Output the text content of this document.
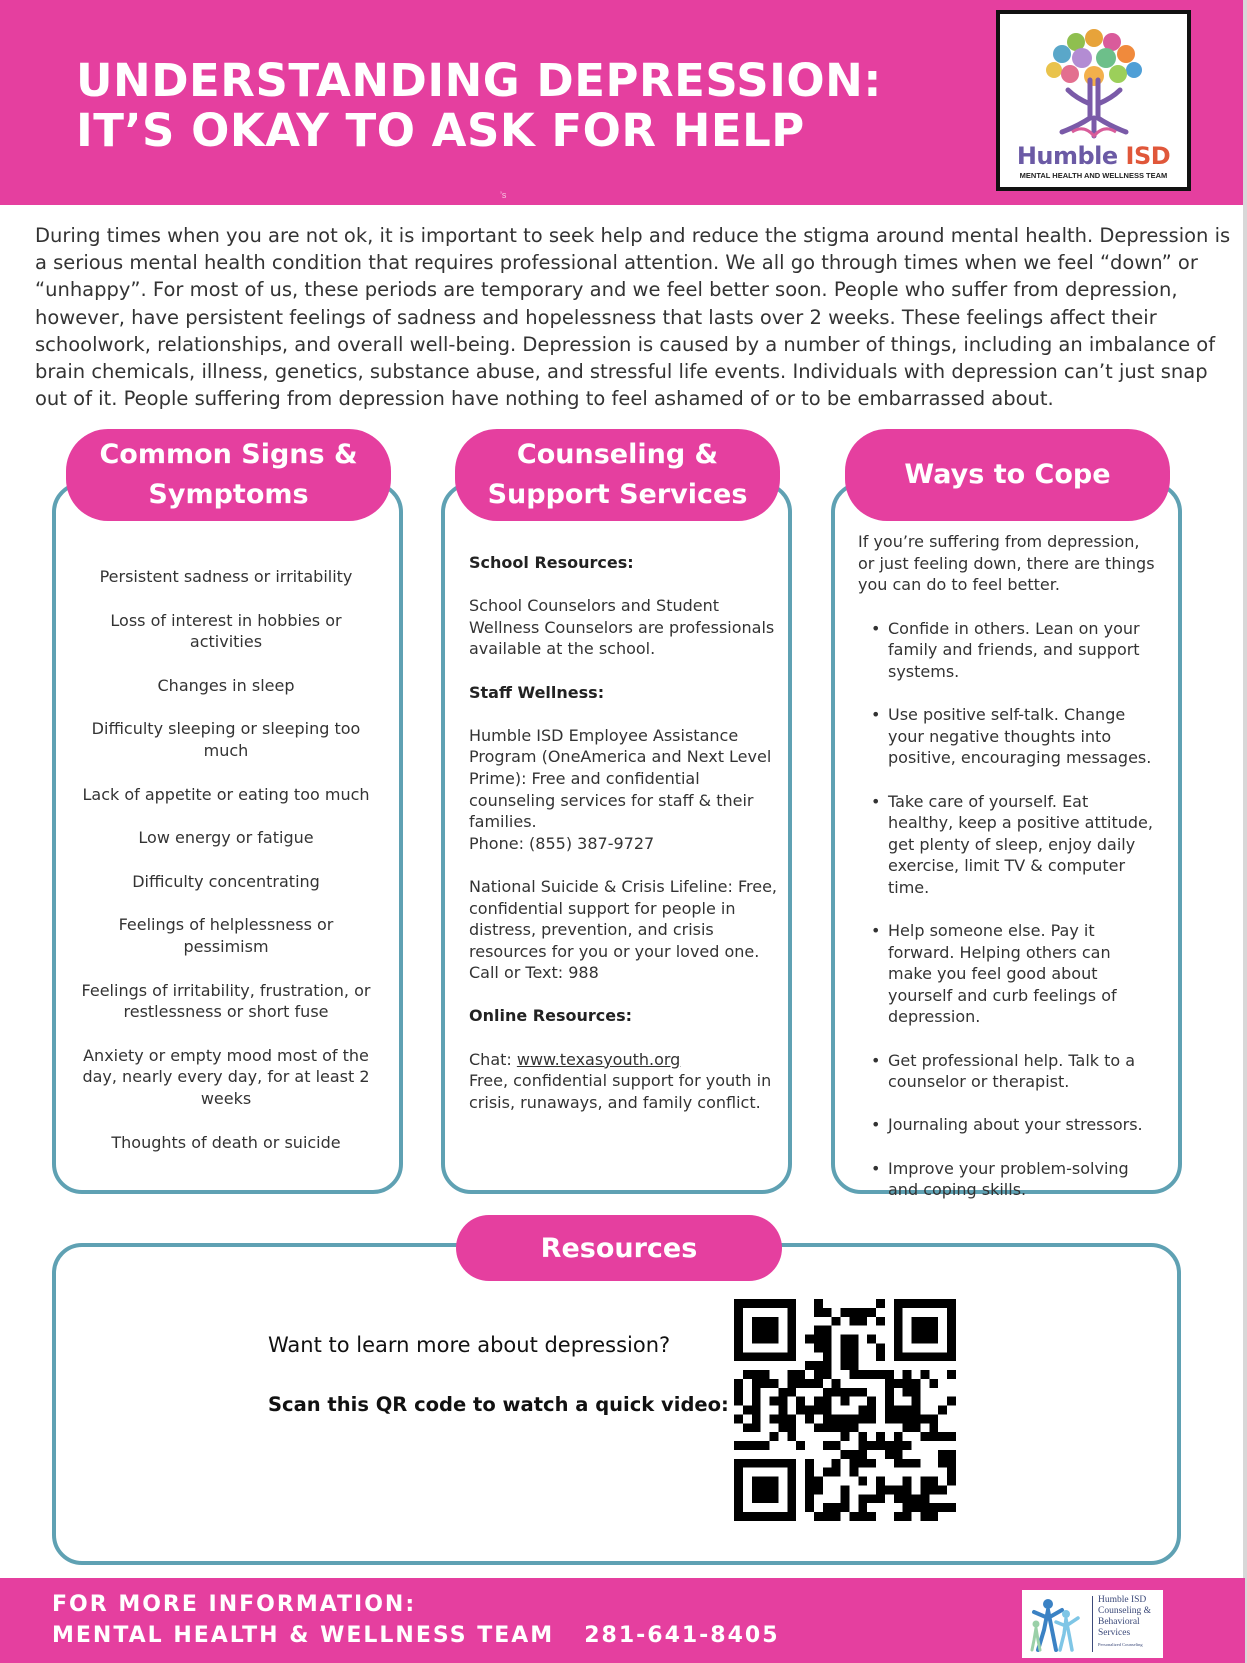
UNDERSTANDING DEPRESSION: IT’S OKAY TO ASK FOR HELP
’s
Humble ISD
MENTAL HEALTH AND WELLNESS TEAM

During times when you are not ok, it is important to seek help and reduce the stigma around mental health. Depression is a serious mental health condition that requires professional attention. We all go through times when we feel “down” or “unhappy”. For most of us, these periods are temporary and we feel better soon. People who suffer from depression, however, have persistent feelings of sadness and hopelessness that lasts over 2 weeks. These feelings affect their schoolwork, relationships, and overall well-being. Depression is caused by a number of things, including an imbalance of brain chemicals, illness, genetics, substance abuse, and stressful life events. Individuals with depression can’t just snap out of it. People suffering from depression have nothing to feel ashamed of or to be embarrassed about.

Common Signs & Symptoms
Persistent sadness or irritability
Loss of interest in hobbies or activities
Changes in sleep
Difficulty sleeping or sleeping too much
Lack of appetite or eating too much
Low energy or fatigue
Difficulty concentrating
Feelings of helplessness or pessimism
Feelings of irritability, frustration, or restlessness or short fuse
Anxiety or empty mood most of the day, nearly every day, for at least 2 weeks
Thoughts of death or suicide
Counseling & Support Services

School Resources:

School Counselors and Student Wellness Counselors are professionals available at the school.

Staff Wellness:

Humble ISD Employee Assistance Program (OneAmerica and Next Level Prime): Free and confidential counseling services for staff & their families.

Phone: (855) 387-9727

National Suicide & Crisis Lifeline: Free, confidential support for people in distress, prevention, and crisis resources for you or your loved one.

Call or Text: 988

Online Resources:

Chat: www.texasyouth.org

Free, confidential support for youth in crisis, runaways, and family conflict.

Ways to Cope

If you’re suffering from depression, or just feeling down, there are things you can do to feel better.

• Confide in others. Lean on your family and friends, and support systems.
• Use positive self-talk. Change your negative thoughts into positive, encouraging messages.
• Take care of yourself. Eat healthy, keep a positive attitude, get plenty of sleep, enjoy daily exercise, limit TV & computer time.
• Help someone else. Pay it forward. Helping others can make you feel good about yourself and curb feelings of depression.
• Get professional help. Talk to a counselor or therapist.
• Journaling about your stressors.
• Improve your problem-solving and coping skills.
Resources
Want to learn more about depression?
Scan this QR code to watch a quick video:
FOR MORE INFORMATION:
MENTAL HEALTH & WELLNESS TEAM 281-641-8405
Humble ISD
Counseling &
Behavioral
Services
Personalized Counseling
